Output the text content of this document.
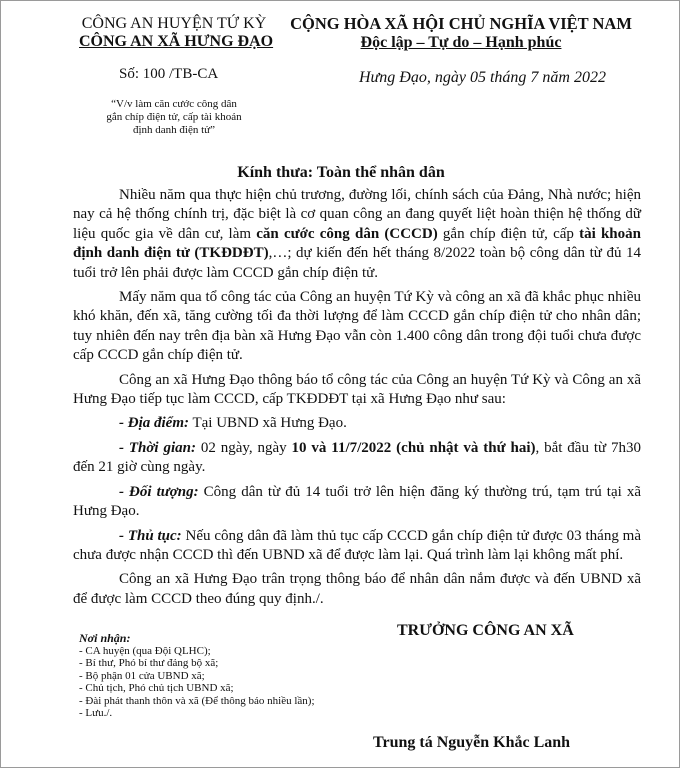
CÔNG AN HUYỆN TỨ KỲ
CÔNG AN XÃ HƯNG ĐẠO
CỘNG HÒA XÃ HỘI CHỦ NGHĨA VIỆT NAM
Độc lập – Tự do – Hạnh phúc
Số: 100 /TB-CA	Hưng Đạo, ngày 05 tháng 7 năm 2022
“V/v làm căn cước công dân
gắn chíp điện tử, cấp tài khoản
định danh điện tử”
Kính thưa: Toàn thể nhân dân

Nhiều năm qua thực hiện chủ trương, đường lối, chính sách của Đảng, Nhà nước; hiện nay cả hệ thống chính trị, đặc biệt là cơ quan công an đang quyết liệt hoàn thiện hệ thống dữ liệu quốc gia về dân cư, làm căn cước công dân (CCCD) gắn chíp điện tử, cấp tài khoản định danh điện tử (TKĐDĐT),…; dự kiến đến hết tháng 8/2022 toàn bộ công dân từ đủ 14 tuổi trở lên phải được làm CCCD gắn chíp điện tử.

Mấy năm qua tổ công tác của Công an huyện Tứ Kỳ và công an xã đã khắc phục nhiều khó khăn, đến xã, tăng cường tối đa thời lượng để làm CCCD gắn chíp điện tử cho nhân dân; tuy nhiên đến nay trên địa bàn xã Hưng Đạo vẫn còn 1.400 công dân trong đội tuổi chưa được cấp CCCD gắn chíp điện tử.

Công an xã Hưng Đạo thông báo tổ công tác của Công an huyện Tứ Kỳ và Công an xã Hưng Đạo tiếp tục làm CCCD, cấp TKĐDĐT tại xã Hưng Đạo như sau:

- Địa điểm: Tại UBND xã Hưng Đạo.

- Thời gian: 02 ngày, ngày 10 và 11/7/2022 (chủ nhật và thứ hai), bắt đầu từ 7h30 đến 21 giờ cùng ngày.

- Đối tượng: Công dân từ đủ 14 tuổi trở lên hiện đăng ký thường trú, tạm trú tại xã Hưng Đạo.

- Thủ tục: Nếu công dân đã làm thủ tục cấp CCCD gắn chíp điện tử được 03 tháng mà chưa được nhận CCCD thì đến UBND xã để được làm lại. Quá trình làm lại không mất phí.

Công an xã Hưng Đạo trân trọng thông báo để nhân dân nắm được và đến UBND xã để được làm CCCD theo đúng quy định./.

TRƯỞNG CÔNG AN XÃ
Nơi nhận:
- CA huyện (qua Đội QLHC);
- Bí thư, Phó bí thư đảng bộ xã;
- Bộ phận 01 cửa UBND xã;
- Chủ tịch, Phó chủ tịch UBND xã;
- Đài phát thanh thôn và xã (Để thông báo nhiều lần);
- Lưu./.
Trung tá Nguyễn Khắc Lanh
